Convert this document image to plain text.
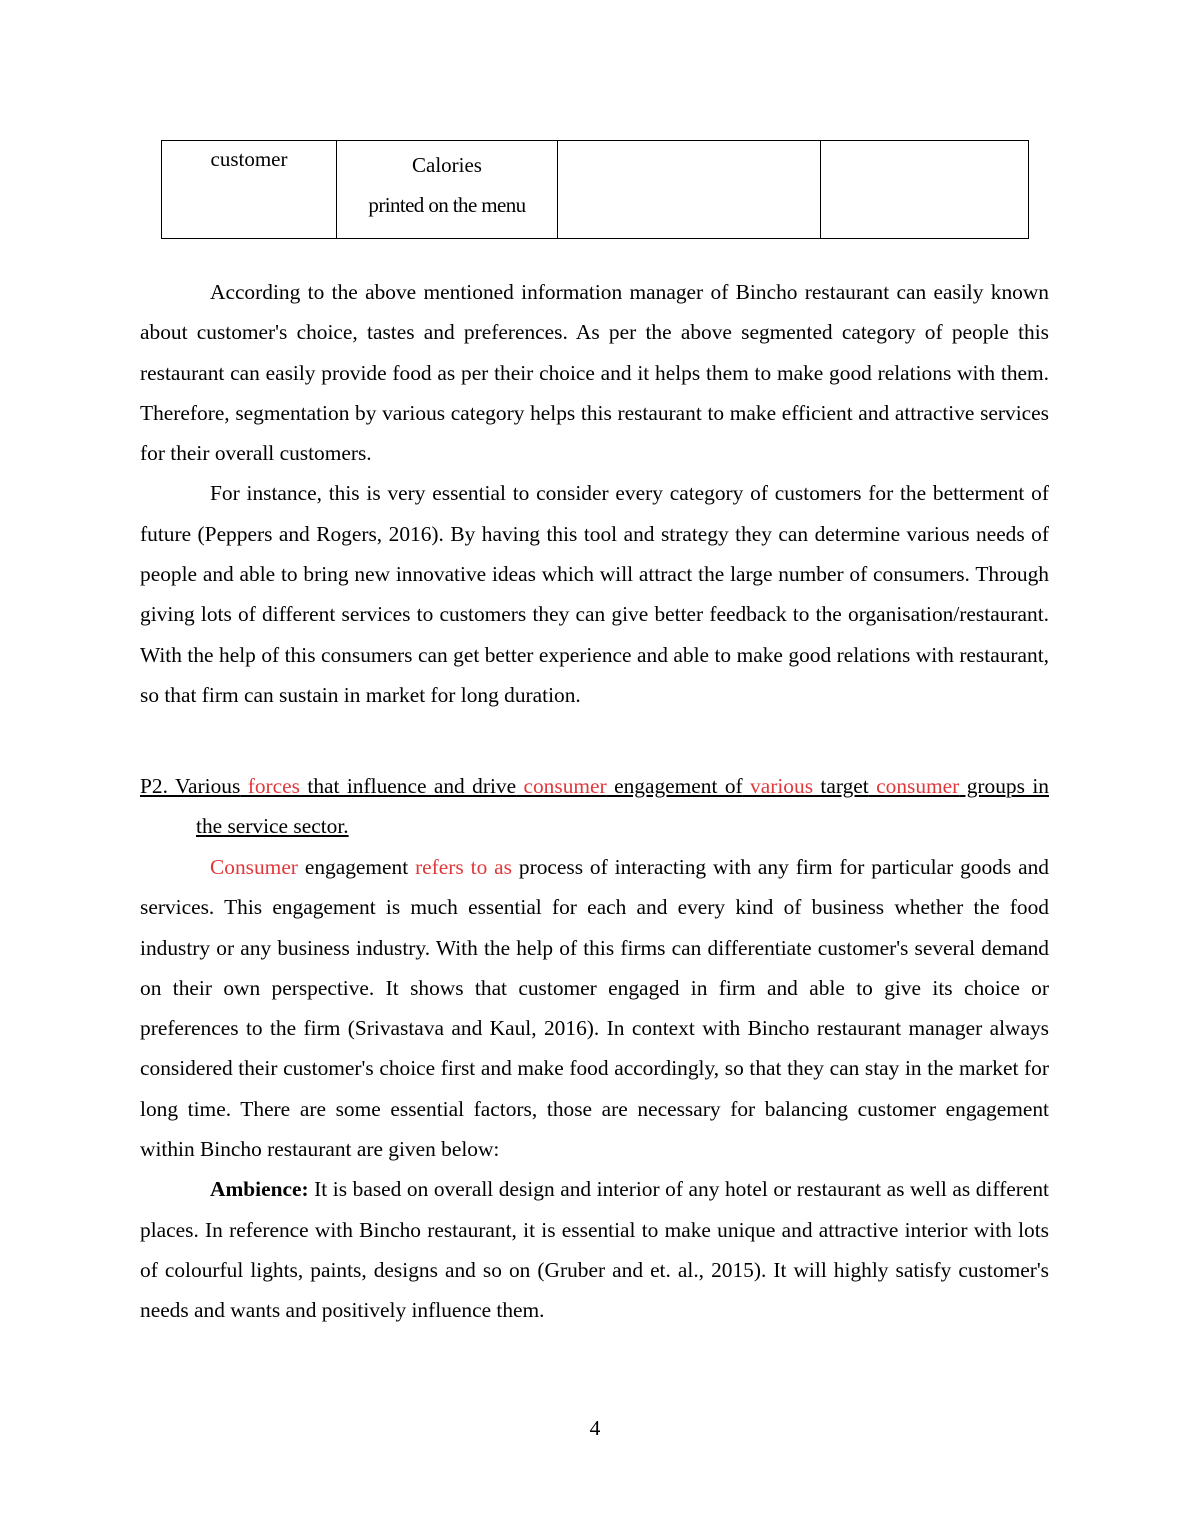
customer	Calories
printed on the menu

According to the above mentioned information manager of Bincho restaurant can easily known about customer's choice, tastes and preferences. As per the above segmented category of people this restaurant can easily provide food as per their choice and it helps them to make good relations with them. Therefore, segmentation by various category helps this restaurant to make efficient and attractive services for their overall customers.

For instance, this is very essential to consider every category of customers for the betterment of future (Peppers and Rogers, 2016). By having this tool and strategy they can determine various needs of people and able to bring new innovative ideas which will attract the large number of consumers. Through giving lots of different services to customers they can give better feedback to the organisation/restaurant. With the help of this consumers can get better experience and able to make good relations with restaurant, so that firm can sustain in market for long duration.

P2. Various forces that influence and drive consumer engagement of various target consumer groups in the service sector.

Consumer engagement refers to as process of interacting with any firm for particular goods and services. This engagement is much essential for each and every kind of business whether the food industry or any business industry. With the help of this firms can differentiate customer's several demand on their own perspective. It shows that customer engaged in firm and able to give its choice or preferences to the firm (Srivastava and Kaul, 2016). In context with Bincho restaurant manager always considered their customer's choice first and make food accordingly, so that they can stay in the market for long time. There are some essential factors, those are necessary for balancing customer engagement within Bincho restaurant are given below:

Ambience: It is based on overall design and interior of any hotel or restaurant as well as different places. In reference with Bincho restaurant, it is essential to make unique and attractive interior with lots of colourful lights, paints, designs and so on (Gruber and et. al., 2015). It will highly satisfy customer's needs and wants and positively influence them.

4
